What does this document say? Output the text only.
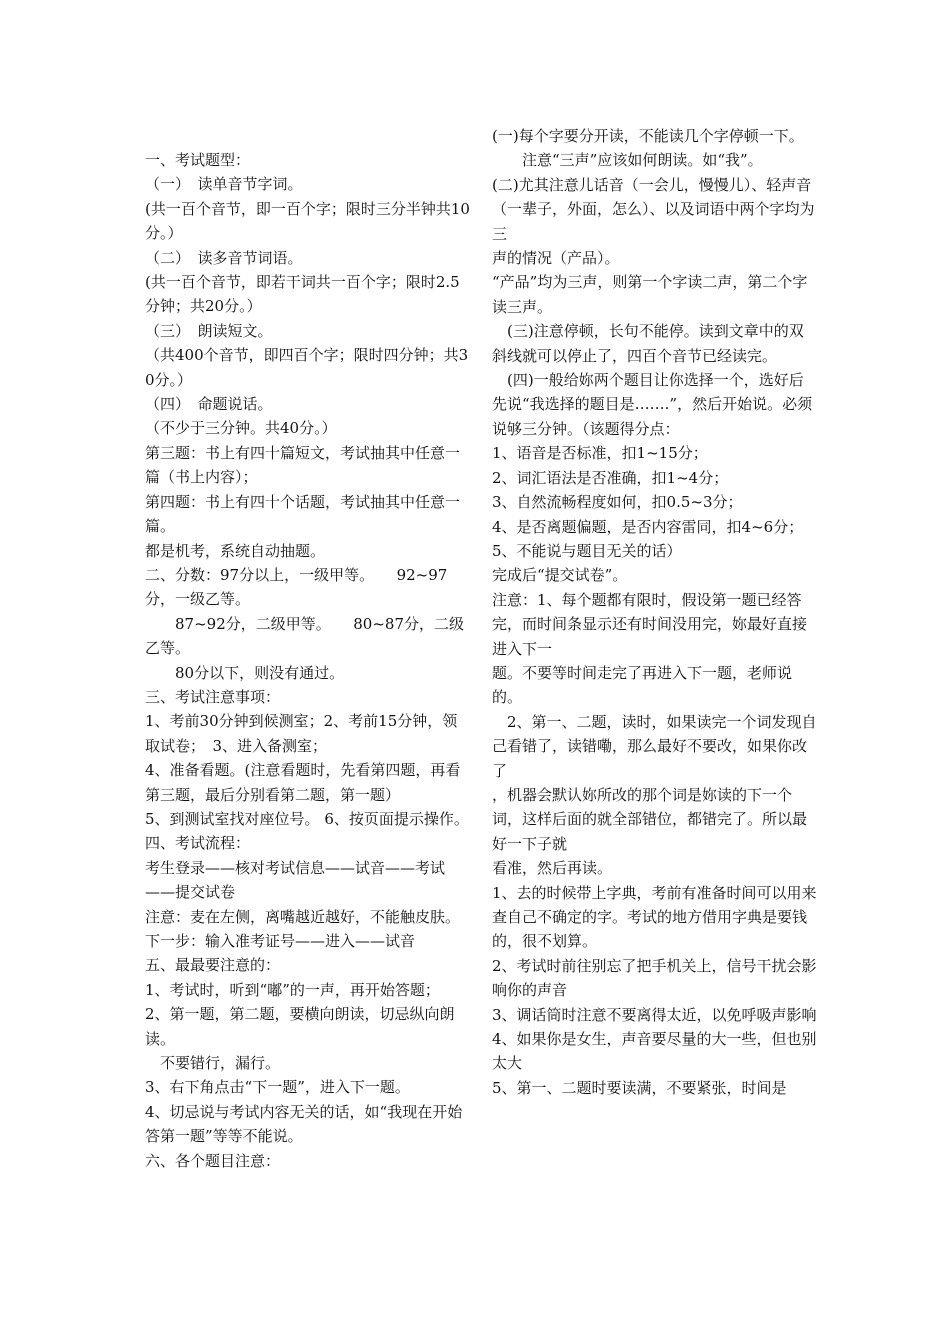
一、考试题型：

（一）　读单音节字词。

(共一百个音节，即一百个字；限时三分半钟共10分。）

（二）　读多音节词语。

(共一百个音节，即若干词共一百个字；限时2.5分钟；共20分。）

（三）　朗读短文。

（共400个音节，即四百个字；限时四分钟；共30分。）

（四）　命题说话。

（不少于三分钟。共40分。）

第三题：书上有四十篇短文，考试抽其中任意一篇（书上内容）；

第四题：书上有四十个话题，考试抽其中任意一篇。

都是机考，系统自动抽题。

二、分数：97分以上，一级甲等。　　92~97分，一级乙等。

　　87~92分，二级甲等。　　80~87分，二级乙等。

　　80分以下，则没有通过。

三、考试注意事项：

1、考前30分钟到候测室；2、考前15分钟，领取试卷；　3、进入备测室；

4、准备看题。(注意看题时，先看第四题，再看第三题，最后分别看第二题，第一题）

5、到测试室找对座位号。 6、按页面提示操作。

四、考试流程：

考生登录——核对考试信息——试音——考试——提交试卷

注意：麦在左侧，离嘴越近越好，不能触皮肤。

下一步：输入准考证号——进入——试音

五、最最要注意的：

1、考试时，听到“嘟”的一声，再开始答题；

2、第一题，第二题，要横向朗读，切忌纵向朗读。

　不要错行，漏行。

3、右下角点击“下一题”，进入下一题。

4、切忌说与考试内容无关的话，如“我现在开始答第一题”等等不能说。

六、各个题目注意：

(一)每个字要分开读，不能读几个字停顿一下。

　　注意“三声”应该如何朗读。如“我”。

(二)尤其注意儿话音（一会儿，慢慢儿）、轻声音（一辈子，外面，怎么）、以及词语中两个字均为三

声的情况（产品）。

“产品”均为三声，则第一个字读二声，第二个字读三声。

　(三)注意停顿，长句不能停。读到文章中的双斜线就可以停止了，四百个音节已经读完。

　(四)一般给妳两个题目让你选择一个，选好后先说“我选择的题目是…….”，然后开始说。必须

说够三分钟。（该题得分点：

1、语音是否标准，扣1~15分；

2、词汇语法是否准确，扣1~4分；

3、自然流畅程度如何，扣0.5~3分；

4、是否离题偏题，是否内容雷同，扣4~6分；

5、不能说与题目无关的话）

完成后“提交试卷”。

注意：1、每个题都有限时，假设第一题已经答完，而时间条显示还有时间没用完，妳最好直接进入下一

题。不要等时间走完了再进入下一题，老师说的。

　2、第一、二题，读时，如果读完一个词发现自己看错了，读错嘞，那么最好不要改，如果你改了

，机器会默认妳所改的那个词是妳读的下一个词，这样后面的就全部错位，都错完了。所以最好一下子就

看准，然后再读。

1、去的时候带上字典，考前有准备时间可以用来查自己不确定的字。考试的地方借用字典是要钱的，很不划算。

2、考试时前往别忘了把手机关上，信号干扰会影响你的声音

3、调话筒时注意不要离得太近，以免呼吸声影响

4、如果你是女生，声音要尽量的大一些，但也别太大

5、第一、二题时要读满，不要紧张，时间是
